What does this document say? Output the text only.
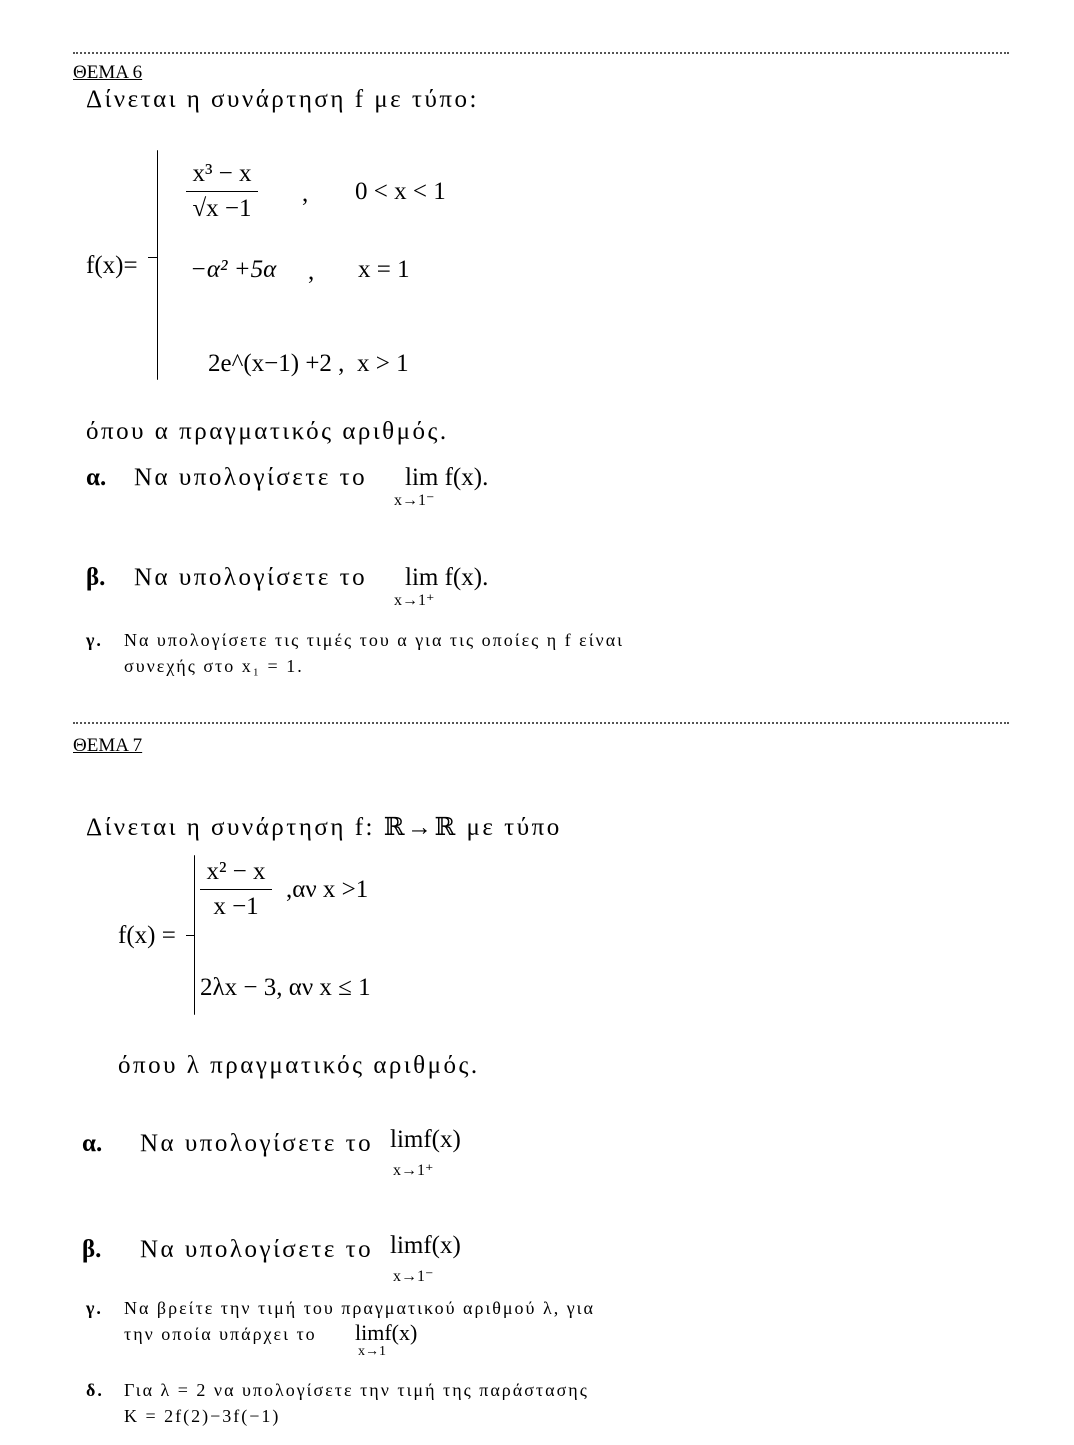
ΘΕΜΑ 6
Δίνεται η συνάρτηση f με τύπο:
f(x)=
x³ − x
√x −1
, 0 < x < 1
−α² +5α , x = 1
2e^(x−1) +2 , x > 1
όπου α πραγματικός αριθμός.
α. Να υπολογίσετε το lim f(x).
x→1⁻
β. Να υπολογίσετε το lim f(x).
x→1⁺
γ. Να υπολογίσετε τις τιμές του α για τις οποίες η f είναι
συνεχής στο x₁ = 1.
ΘΕΜΑ 7
Δίνεται η συνάρτηση f: ℝ→ℝ με τύπο
f(x) =
x² − x
x −1
,αν x >1
2λx − 3, αν x ≤ 1
όπου λ πραγματικός αριθμός.
α. Να υπολογίσετε το limf(x)
x→1⁺
β. Να υπολογίσετε το limf(x)
x→1⁻
γ. Να βρείτε την τιμή του πραγματικού αριθμού λ, για
την οποία υπάρχει το limf(x)
x→1
δ. Για λ = 2 να υπολογίσετε την τιμή της παράστασης
K = 2f(2)−3f(−1)
